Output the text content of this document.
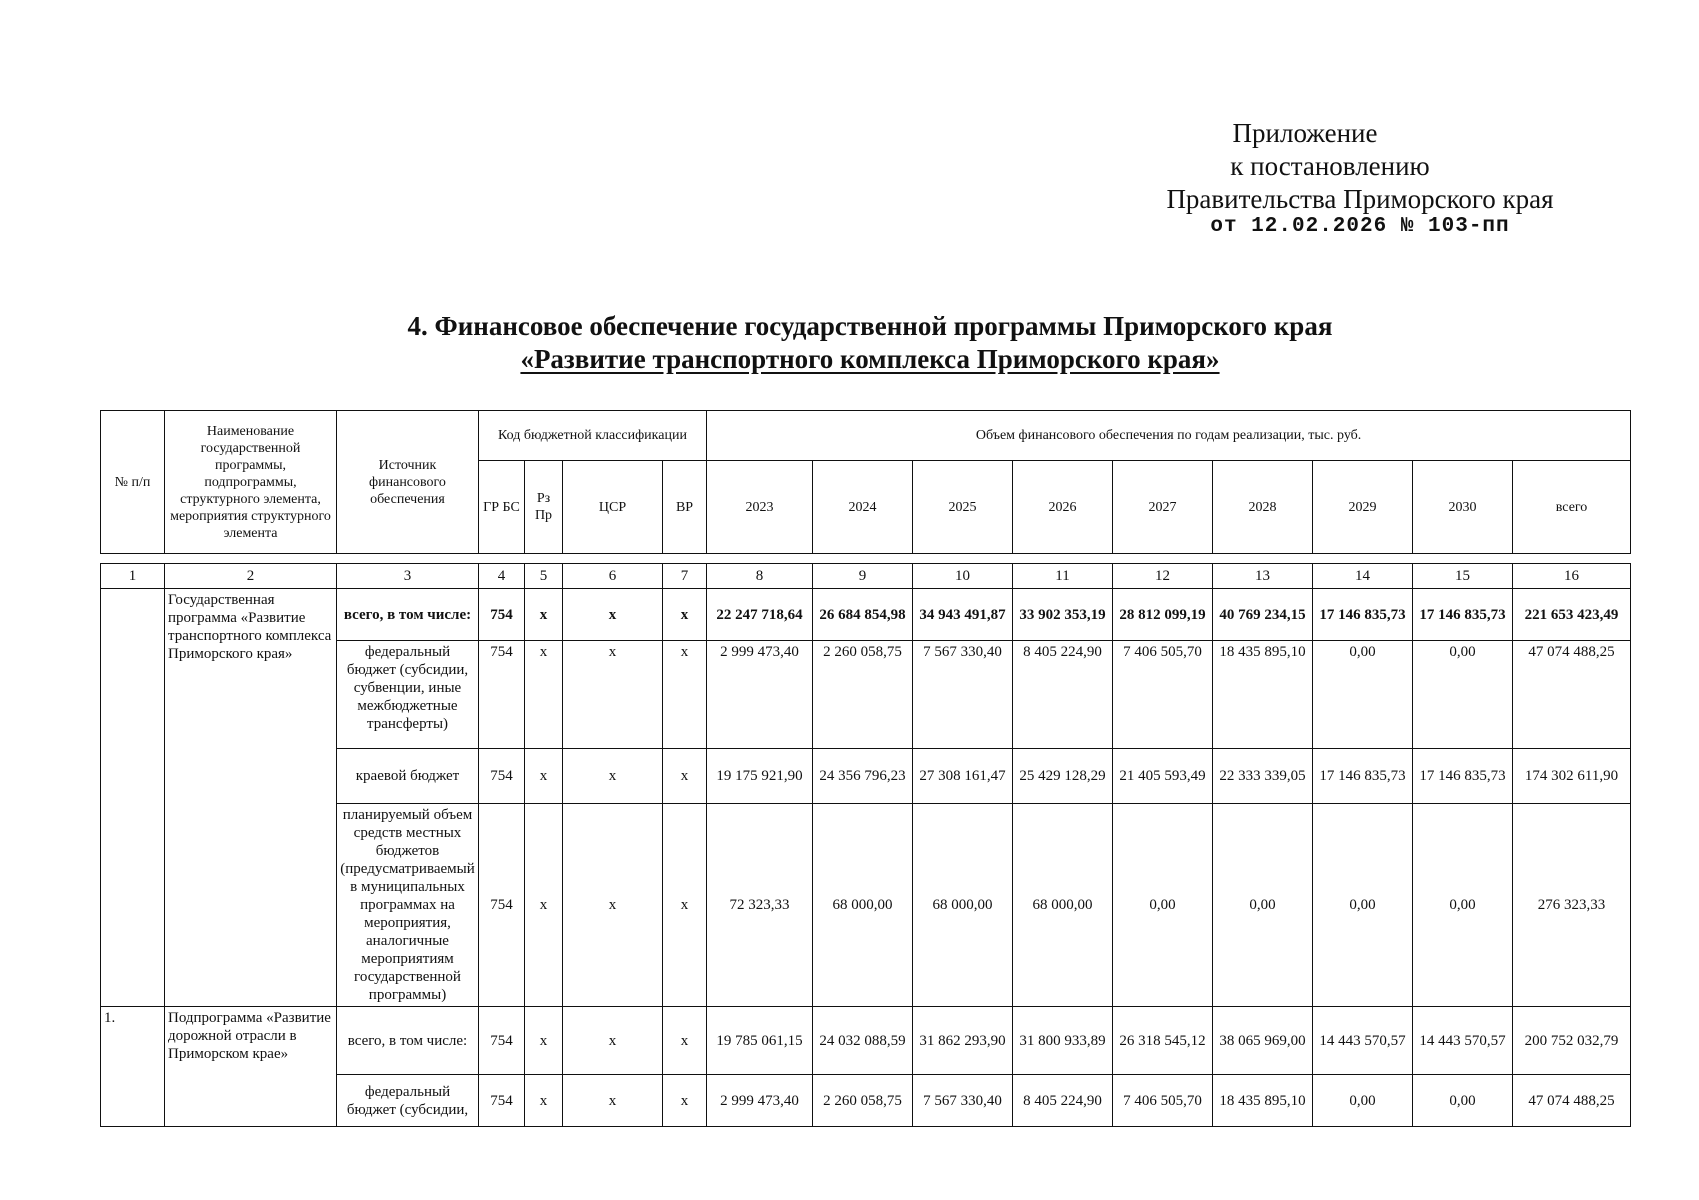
Приложение
к постановлению
Правительства Приморского края
от 12.02.2026 № 103-пп
4. Финансовое обеспечение государственной программы Приморского края
«Развитие транспортного комплекса Приморского края»
№ п/п	Наименование государственной программы, подпрограммы, структурного элемента, мероприятия структурного элемента	Источник финансового обеспечения	Код бюджетной классификации				Объем финансового обеспечения по годам реализации, тыс. руб.								
			ГР БС	Рз Пр	ЦСР	ВР	2023	2024	2025	2026	2027	2028	2029	2030	всего
1	2	3	4	5	6	7	8	9	10	11	12	13	14	15	16
	Государственная программа «Развитие транспортного комплекса Приморского края»	всего, в том числе:	754	x	x	x	22 247 718,64	26 684 854,98	34 943 491,87	33 902 353,19	28 812 099,19	40 769 234,15	17 146 835,73	17 146 835,73	221 653 423,49
		федеральный бюджет (субсидии, субвенции, иные межбюджетные трансферты)	754	x	x	x	2 999 473,40	2 260 058,75	7 567 330,40	8 405 224,90	7 406 505,70	18 435 895,10	0,00	0,00	47 074 488,25
		краевой бюджет	754	x	x	x	19 175 921,90	24 356 796,23	27 308 161,47	25 429 128,29	21 405 593,49	22 333 339,05	17 146 835,73	17 146 835,73	174 302 611,90
		планируемый объем средств местных бюджетов (предусматриваемый в муниципальных программах на мероприятия, аналогичные мероприятиям государственной программы)	754	x	x	x	72 323,33	68 000,00	68 000,00	68 000,00	0,00	0,00	0,00	0,00	276 323,33
1.	Подпрограмма «Развитие дорожной отрасли в Приморском крае»	всего, в том числе:	754	x	x	x	19 785 061,15	24 032 088,59	31 862 293,90	31 800 933,89	26 318 545,12	38 065 969,00	14 443 570,57	14 443 570,57	200 752 032,79
		федеральный бюджет (субсидии,	754	x	x	x	2 999 473,40	2 260 058,75	7 567 330,40	8 405 224,90	7 406 505,70	18 435 895,10	0,00	0,00	47 074 488,25
